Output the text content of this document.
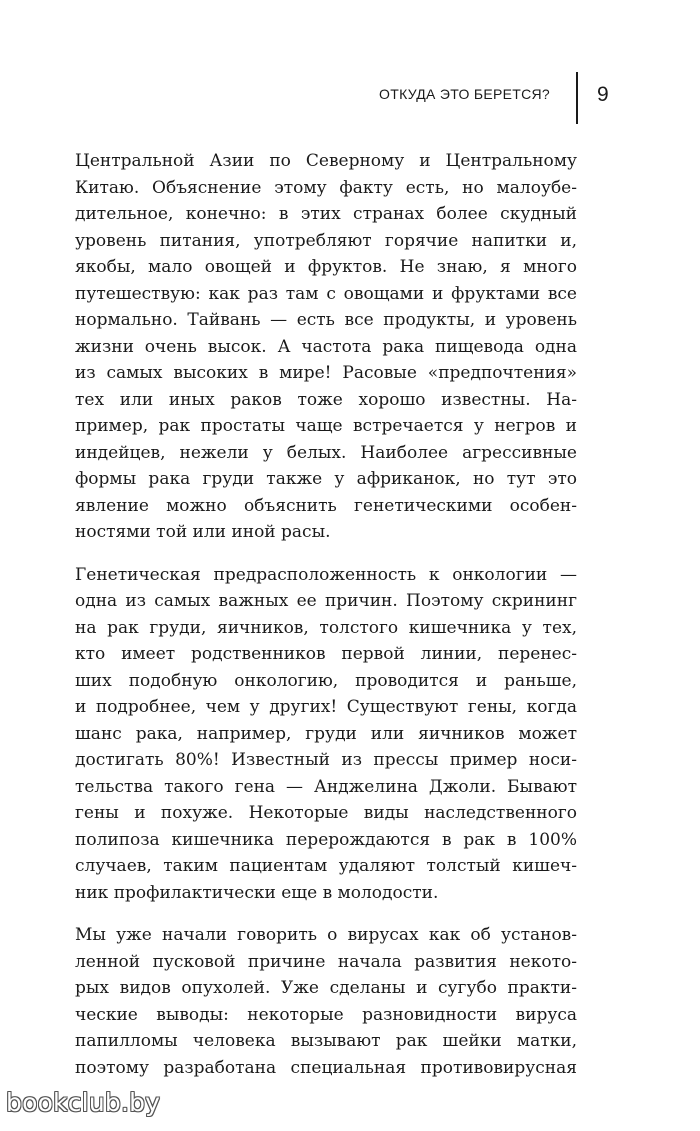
ОТКУДА ЭТО БЕРЕТСЯ? 9
Центральной Азии по Северному и Центральному
Китаю. Объяснение этому факту есть, но малоубе-
дительное, конечно: в этих странах более скудный
уровень питания, употребляют горячие напитки и,
якобы, мало овощей и фруктов. Не знаю, я много
путешествую: как раз там с овощами и фруктами все
нормально. Тайвань — есть все продукты, и уровень
жизни очень высок. А частота рака пищевода одна
из самых высоких в мире! Расовые «предпочтения»
тех или иных раков тоже хорошо известны. На-
пример, рак простаты чаще встречается у негров и
индейцев, нежели у белых. Наиболее агрессивные
формы рака груди также у африканок, но тут это
явление можно объяснить генетическими особен-
ностями той или иной расы.
Генетическая предрасположенность к онкологии —
одна из самых важных ее причин. Поэтому скрининг
на рак груди, яичников, толстого кишечника у тех,
кто имеет родственников первой линии, перенес-
ших подобную онкологию, проводится и раньше,
и подробнее, чем у других! Существуют гены, когда
шанс рака, например, груди или яичников может
достигать 80%! Известный из прессы пример носи-
тельства такого гена — Анджелина Джоли. Бывают
гены и похуже. Некоторые виды наследственного
полипоза кишечника перерождаются в рак в 100%
случаев, таким пациентам удаляют толстый кишеч-
ник профилактически еще в молодости.
Мы уже начали говорить о вирусах как об установ-
ленной пусковой причине начала развития некото-
рых видов опухолей. Уже сделаны и сугубо практи-
ческие выводы: некоторые разновидности вируса
папилломы человека вызывают рак шейки матки,
поэтому разработана специальная противовирусная
bookclub.by
